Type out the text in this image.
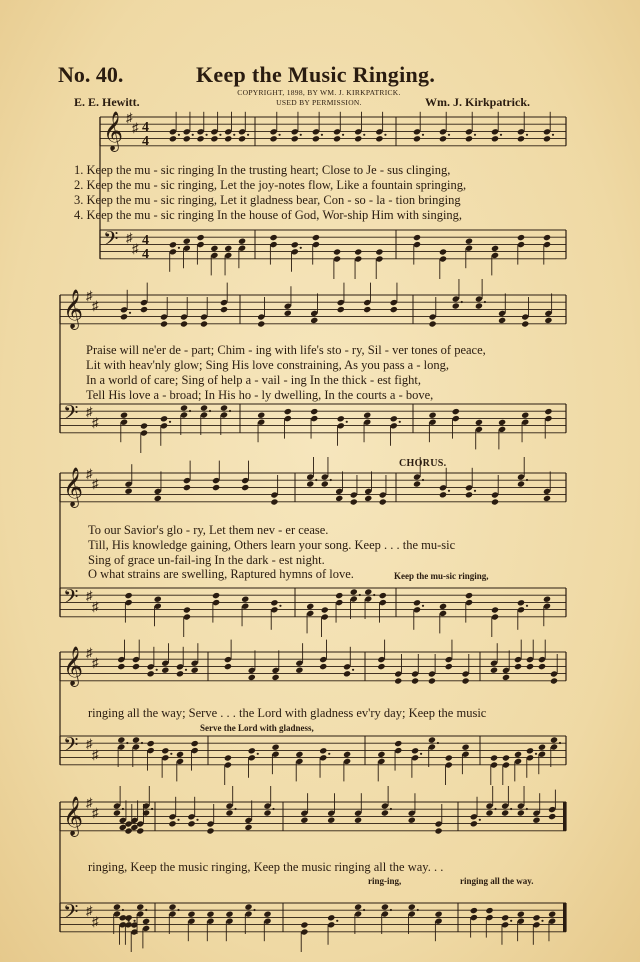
No. 40.	Keep the Music Ringing.
E. E. Hewitt.
COPYRIGHT, 1898, BY WM. J. KIRKPATRICK.
USED BY PERMISSION.	Wm. J. Kirkpatrick.
𝄞 ♯
♯ 4
4
𝄢 ♯
♯
4
4
𝄞 ♯
♯
𝄢 ♯
♯
𝄞 ♯
♯
𝄢 ♯
♯
𝄞 ♯
♯
𝄢 ♯
♯
𝄞 ♯
♯
𝄢 ♯
♯
1. Keep the mu - sic ringing In the trusting heart; Close to Je - sus clinging,
2. Keep the mu - sic ringing, Let the joy-notes flow, Like a fountain springing,
3. Keep the mu - sic ringing, Let it gladness bear, Con - so - la - tion bringing
4. Keep the mu - sic ringing In the house of God, Wor-ship Him with singing,
Praise will ne'er de - part; Chim - ing with life's sto - ry, Sil - ver tones of peace,
Lit with heav'nly glow; Sing His love constraining, As you pass a - long,
In a world of care; Sing of help a - vail - ing In the thick - est fight,
Tell His love a - broad; In His ho - ly dwelling, In the courts a - bove,
CHORUS.
To our Savior's glo - ry, Let them nev - er cease.
Till, His knowledge gaining, Others learn your song. Keep . . . the mu-sic
Sing of grace un-fail-ing In the dark - est night.
O what strains are swelling, Raptured hymns of love.	Keep the mu-sic ringing,
ringing all the way; Serve . . . the Lord with gladness ev'ry day; Keep the music
Serve the Lord with gladness,
ringing, Keep the music ringing, Keep the music ringing all the way. . .
ring-ing,	ringing all the way.
